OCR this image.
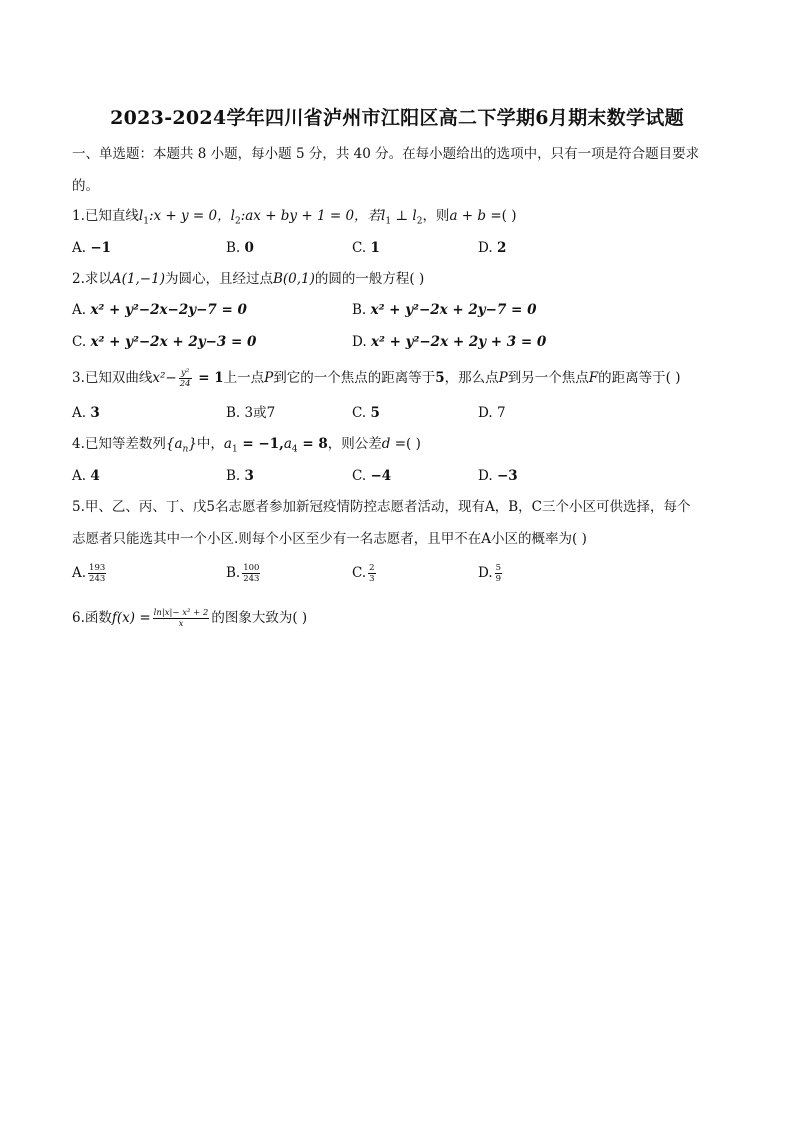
2023-2024学年四川省泸州市江阳区高二下学期6月期末数学试题
一、单选题：本题共 8 小题，每小题 5 分，共 40 分。在每小题给出的选项中，只有一项是符合题目要求
的。
1.已知直线$l_1:x + y = 0$，$l_2:ax$ + by + 1 = 0，若$l_1$ ⊥ $l_2$，则a + b =( )
A. −1	B. 0	C. 1	D. 2
2.求以A(1,−1)为圆心，且经过点B(0,1)的圆的一般方程( )
A. x² + y²−2x−2y−7 = 0	B. x² + y²−2x + 2y−7 = 0
C. x² + y²−2x + 2y−3 = 0	D. x² + y²−2x + 2y + 3 = 0
3.已知双曲线$x^2- \frac{\text{y²}}{24} = 1$上一点P到它的一个焦点的距离等于5，那么点P到另一个焦点F的距离等于( )
A. 3	B. 3或7	C. 5	D. 7
4.已知等差数列$\{a_n\}$中，$a_1 = -1,a_4 = 8$，则公差d =( )
A. 4	B. 3	C. −4	D. −3
5.甲、乙、丙、丁、戊5名志愿者参加新冠疫情防控志愿者活动，现有A，B，C三个小区可供选择，每个
志愿者只能选其中一个小区.则每个小区至少有一名志愿者，且甲不在A小区的概率为( )
A. $\frac{193}{243}$	B. $\frac{100}{243}$	C. $\frac{2}{3}$	D. $\frac{5}{9}$
6.函数$f(x) = \frac{\text{ln|x|− x² + 2}}{x}$ 的图象大致为( )
